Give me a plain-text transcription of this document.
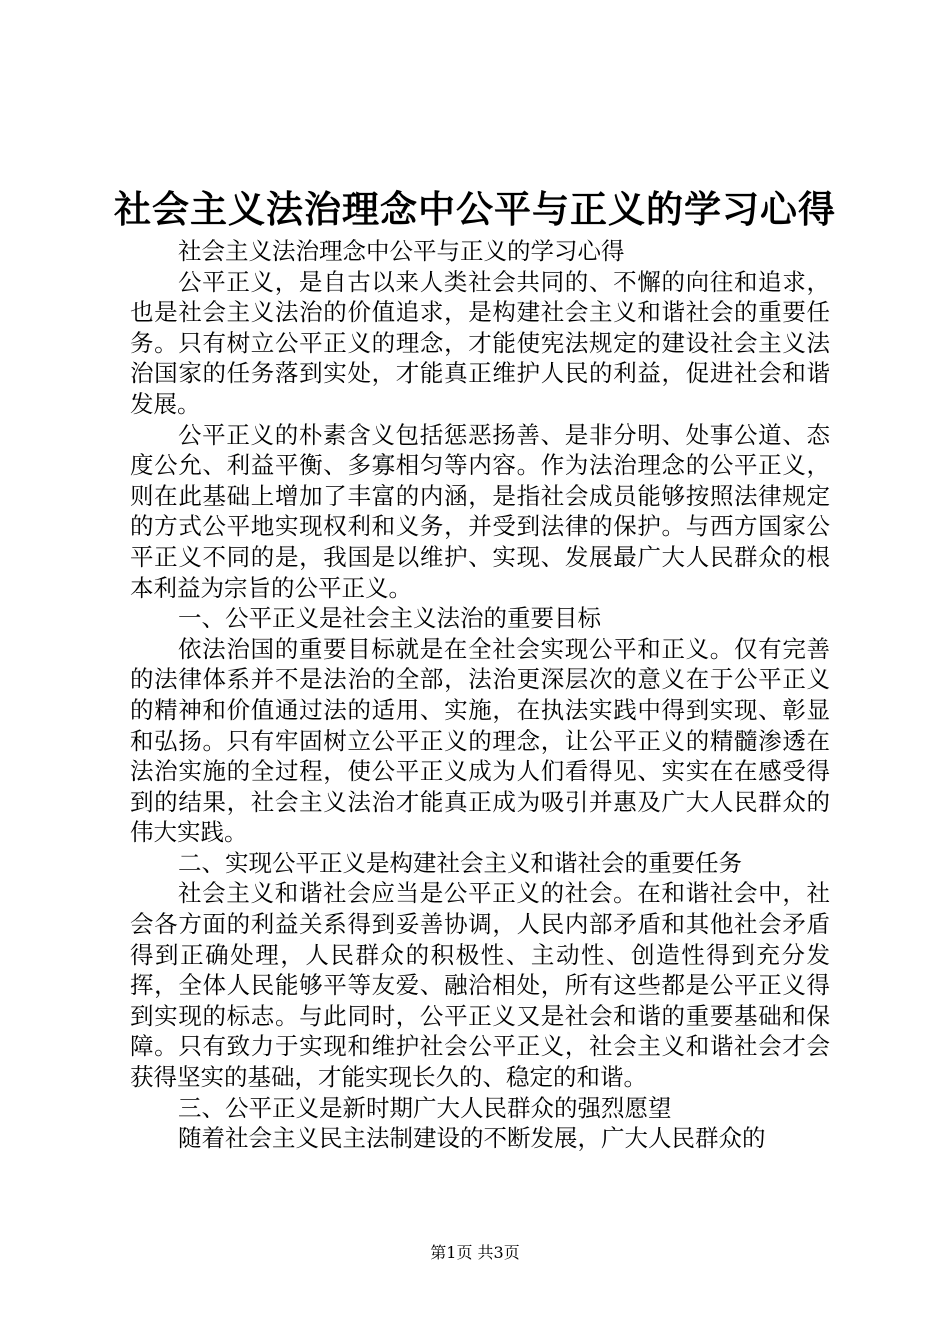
社会主义法治理念中公平与正义的学习心得

社会主义法治理念中公平与正义的学习心得

公平正义，是自古以来人类社会共同的、不懈的向往和追求，也是社会主义法治的价值追求，是构建社会主义和谐社会的重要任务。只有树立公平正义的理念，才能使宪法规定的建设社会主义法治国家的任务落到实处，才能真正维护人民的利益，促进社会和谐发展。

公平正义的朴素含义包括惩恶扬善、是非分明、处事公道、态度公允、利益平衡、多寡相匀等内容。作为法治理念的公平正义，则在此基础上增加了丰富的内涵，是指社会成员能够按照法律规定的方式公平地实现权利和义务，并受到法律的保护。与西方国家公平正义不同的是，我国是以维护、实现、发展最广大人民群众的根本利益为宗旨的公平正义。

一、公平正义是社会主义法治的重要目标

依法治国的重要目标就是在全社会实现公平和正义。仅有完善的法律体系并不是法治的全部，法治更深层次的意义在于公平正义的精神和价值通过法的适用、实施，在执法实践中得到实现、彰显和弘扬。只有牢固树立公平正义的理念，让公平正义的精髓渗透在法治实施的全过程，使公平正义成为人们看得见、实实在在感受得到的结果，社会主义法治才能真正成为吸引并惠及广大人民群众的伟大实践。

二、实现公平正义是构建社会主义和谐社会的重要任务

社会主义和谐社会应当是公平正义的社会。在和谐社会中，社会各方面的利益关系得到妥善协调，人民内部矛盾和其他社会矛盾得到正确处理，人民群众的积极性、主动性、创造性得到充分发挥，全体人民能够平等友爱、融洽相处，所有这些都是公平正义得到实现的标志。与此同时，公平正义又是社会和谐的重要基础和保障。只有致力于实现和维护社会公平正义，社会主义和谐社会才会获得坚实的基础，才能实现长久的、稳定的和谐。

三、公平正义是新时期广大人民群众的强烈愿望

随着社会主义民主法制建设的不断发展，广大人民群众的

第1页 共3页
